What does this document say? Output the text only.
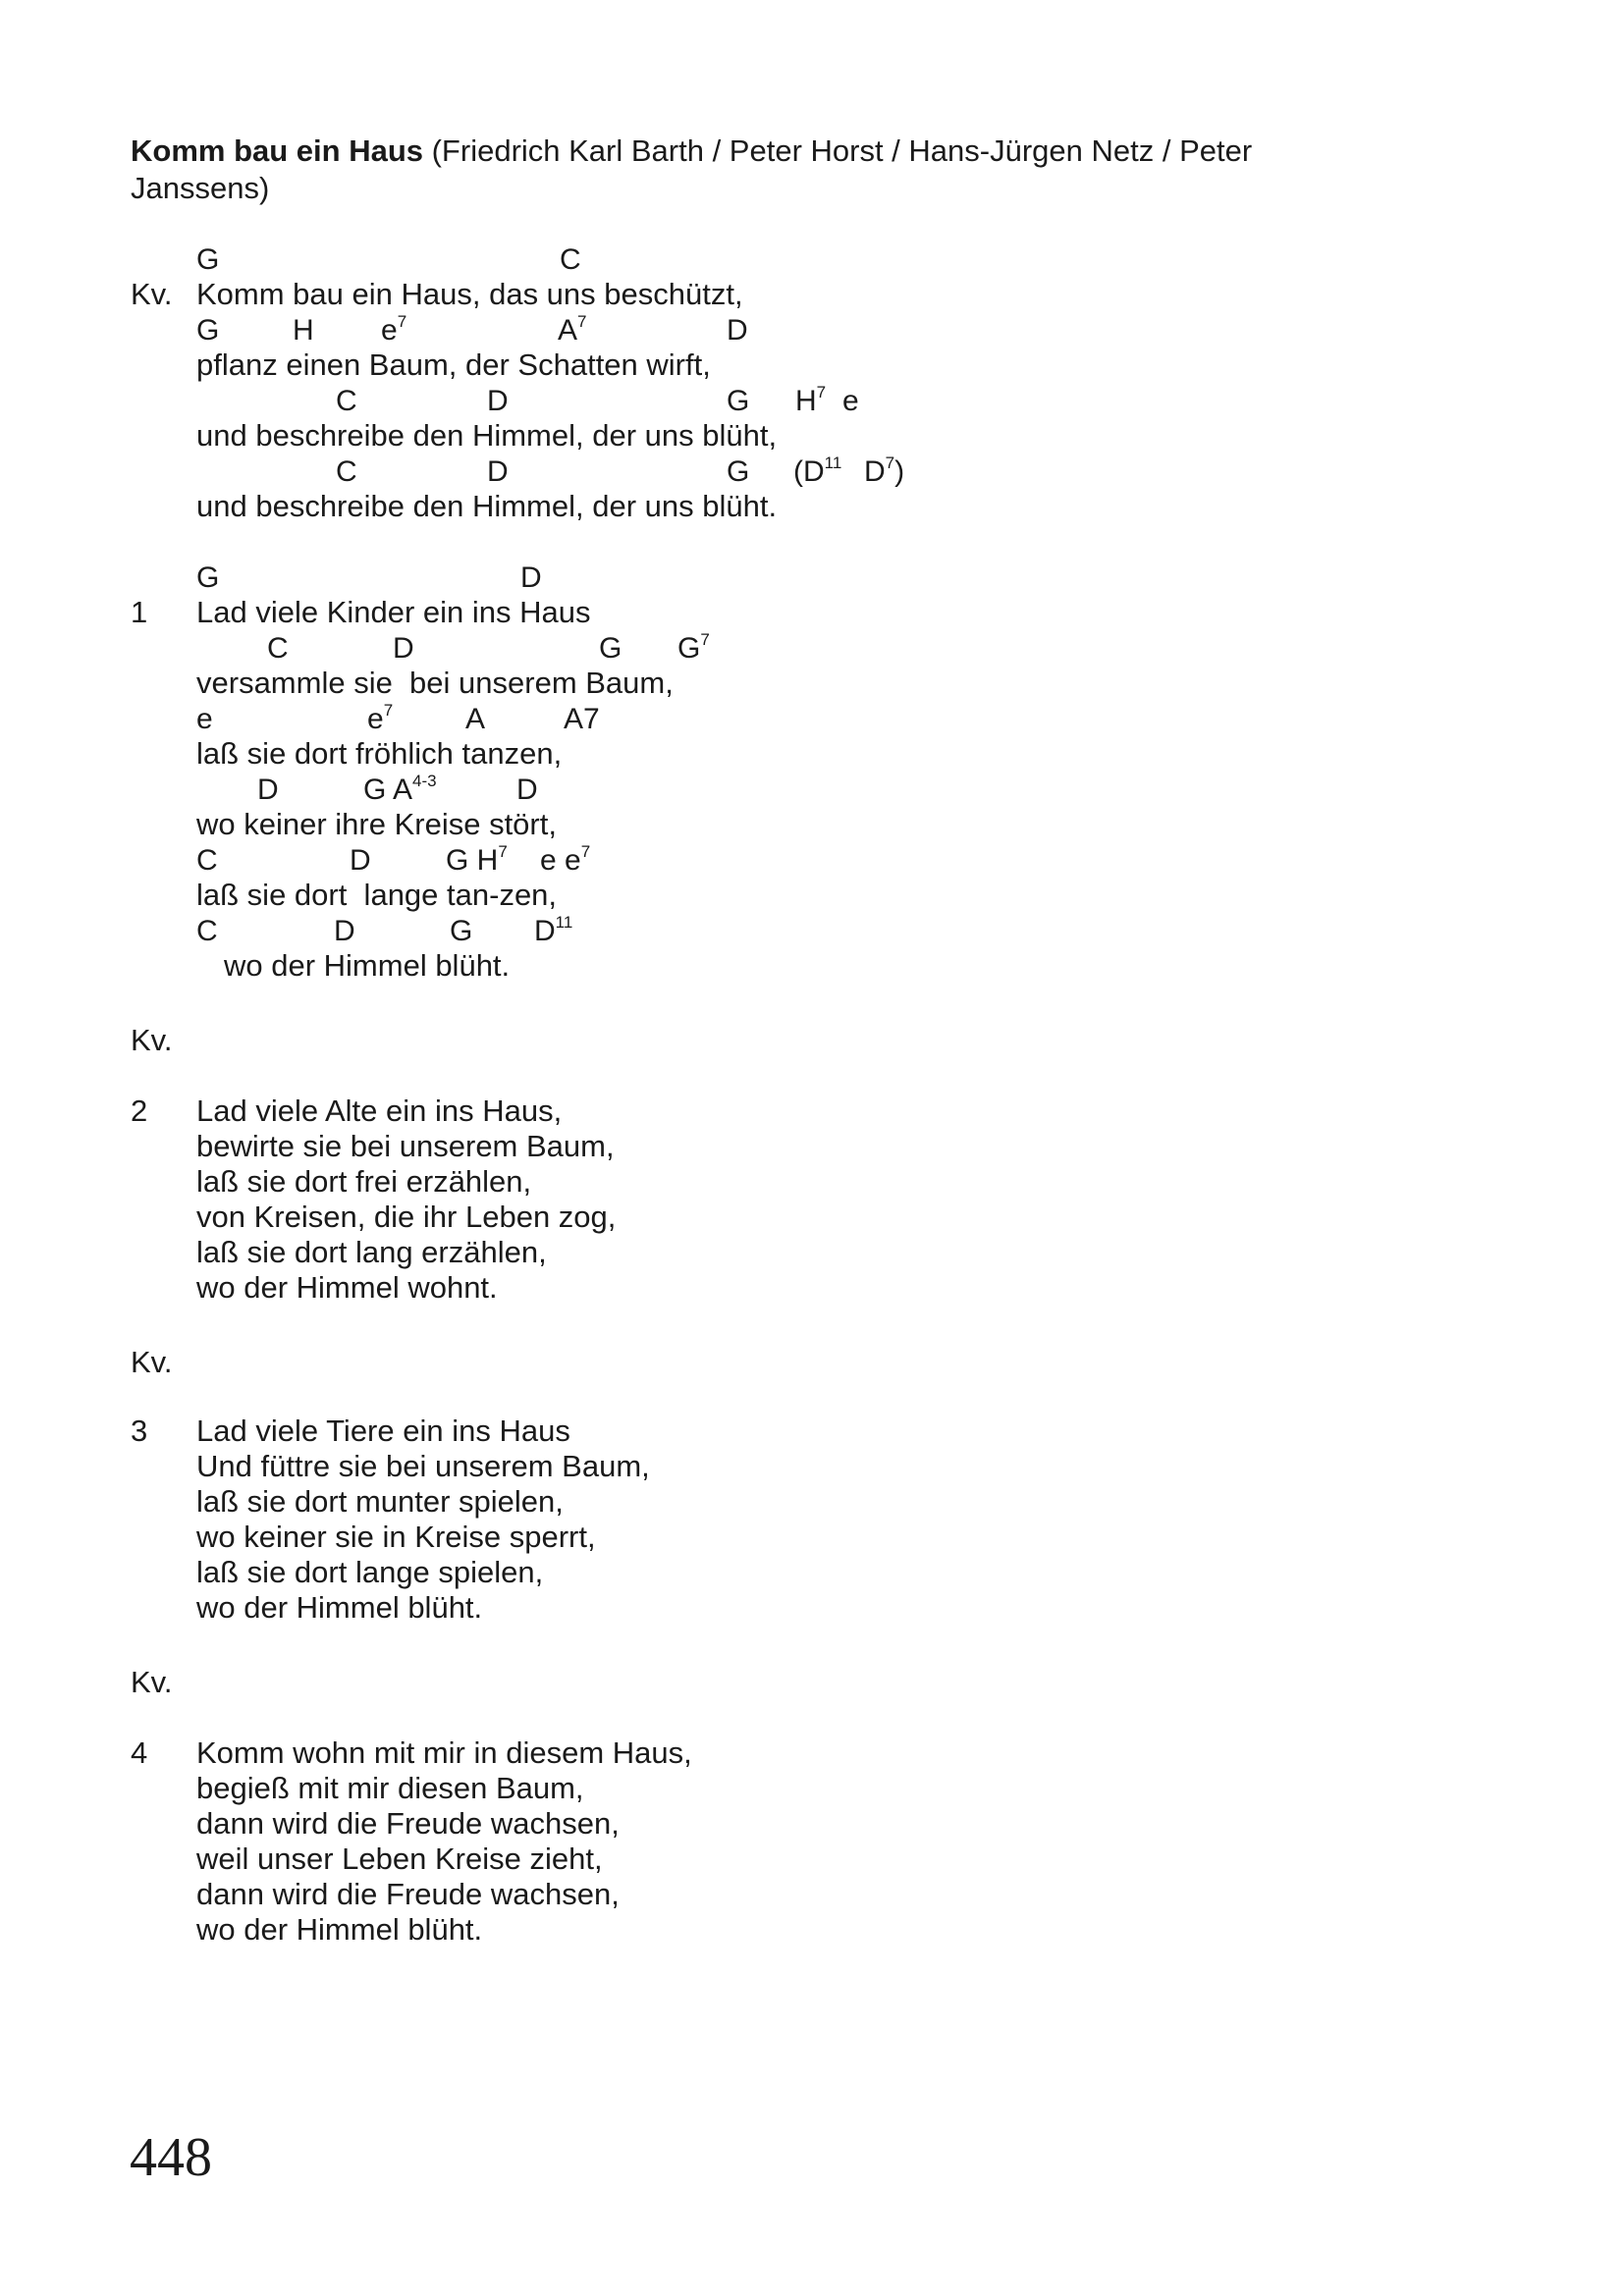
Komm bau ein Haus (Friedrich Karl Barth / Peter Horst / Hans-Jürgen Netz / Peter Janssens)
G	C
Kv. Komm bau ein Haus, das uns beschützt,
G H $e^7$	$A^7$	D
pflanz einen Baum, der Schatten wirft,
C	D	G $H^7$ e
und beschreibe den Himmel, der uns blüht,
C	D	G ($D^{11}$ $D^7$)
und beschreibe den Himmel, der uns blüht.
G	D
1 Lad viele Kinder ein ins Haus
C	D	G $G^7$
versammle sie  bei unserem Baum,
e	$e^7$ A	A7
laß sie dort fröhlich tanzen,
D	G $A^{4-3}$	D
wo keiner ihre Kreise stört,
C	D	G $H^7$ e $e^7$
laß sie dort  lange tan-zen,
C	D	G $D^{11}$
wo der Himmel blüht.
Kv.
2 Lad viele Alte ein ins Haus,
bewirte sie bei unserem Baum,
laß sie dort frei erzählen,
von Kreisen, die ihr Leben zog,
laß sie dort lang erzählen,
wo der Himmel wohnt.
Kv.
3 Lad viele Tiere ein ins Haus
Und füttre sie bei unserem Baum,
laß sie dort munter spielen,
wo keiner sie in Kreise sperrt,
laß sie dort lange spielen,
wo der Himmel blüht.
Kv.
4 Komm wohn mit mir in diesem Haus,
begieß mit mir diesen Baum,
dann wird die Freude wachsen,
weil unser Leben Kreise zieht,
dann wird die Freude wachsen,
wo der Himmel blüht.
448
